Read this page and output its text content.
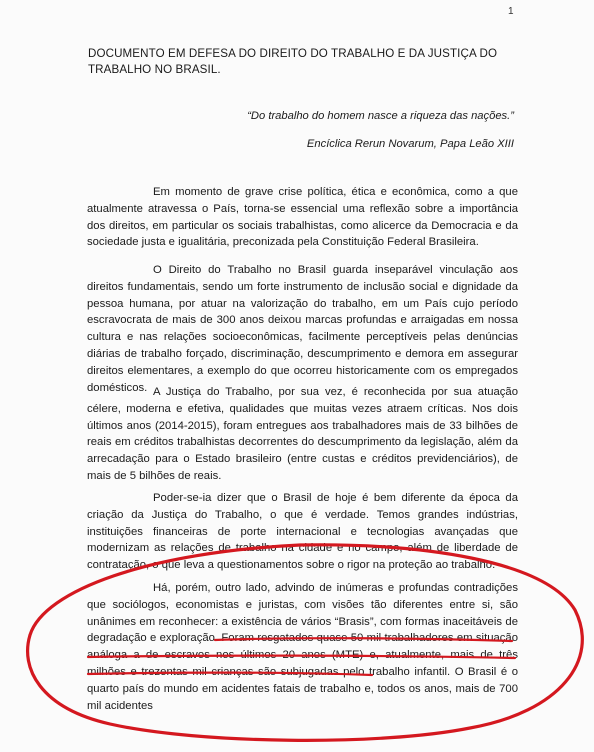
1
DOCUMENTO EM DEFESA DO DIREITO DO TRABALHO E DA JUSTIÇA DO TRABALHO NO BRASIL.
“Do trabalho do homem nasce a riqueza das nações.”
Encíclica Rerun Novarum, Papa Leão XIII

Em momento de grave crise política, ética e econômica, como a que atualmente atravessa o País, torna-se essencial uma reflexão sobre a importância dos direitos, em particular os sociais trabalhistas, como alicerce da Democracia e da sociedade justa e igualitária, preconizada pela Constituição Federal Brasileira.

O Direito do Trabalho no Brasil guarda inseparável vinculação aos direitos fundamentais, sendo um forte instrumento de inclusão social e dignidade da pessoa humana, por atuar na valorização do trabalho, em um País cujo período escravocrata de mais de 300 anos deixou marcas profundas e arraigadas em nossa cultura e nas relações socioeconômicas, facilmente perceptíveis pelas denúncias diárias de trabalho forçado, discriminação, descumprimento e demora em assegurar direitos elementares, a exemplo do que ocorreu historicamente com os empregados domésticos. A Justiça do Trabalho, por sua vez, é reconhecida por sua atuação célere, moderna e efetiva, qualidades que muitas vezes atraem críticas. Nos dois últimos anos (2014-2015), foram entregues aos trabalhadores mais de 33 bilhões de reais em créditos trabalhistas decorrentes do descumprimento da legislação, além da arrecadação para o Estado brasileiro (entre custas e créditos previdenciários), de mais de 5 bilhões de reais.

Poder-se-ia dizer que o Brasil de hoje é bem diferente da época da criação da Justiça do Trabalho, o que é verdade. Temos grandes indústrias, instituições financeiras de porte internacional e tecnologias avançadas que modernizam as relações de trabalho na cidade e no campo, além de liberdade de contratação, o que leva a questionamentos sobre o rigor na proteção ao trabalho.

Há, porém, outro lado, advindo de inúmeras e profundas contradições que sociólogos, economistas e juristas, com visões tão diferentes entre si, são unânimes em reconhecer: a existência de vários “Brasis”, com formas inaceitáveis de degradação e exploração. Foram resgatados quase 50 mil trabalhadores em situação análoga a de escravos nos últimos 20 anos (MTE) e, atualmente, mais de três milhões e trezentas mil crianças são subjugadas pelo trabalho infantil. O Brasil é o quarto país do mundo em acidentes fatais de trabalho e, todos os anos, mais de 700 mil acidentes
